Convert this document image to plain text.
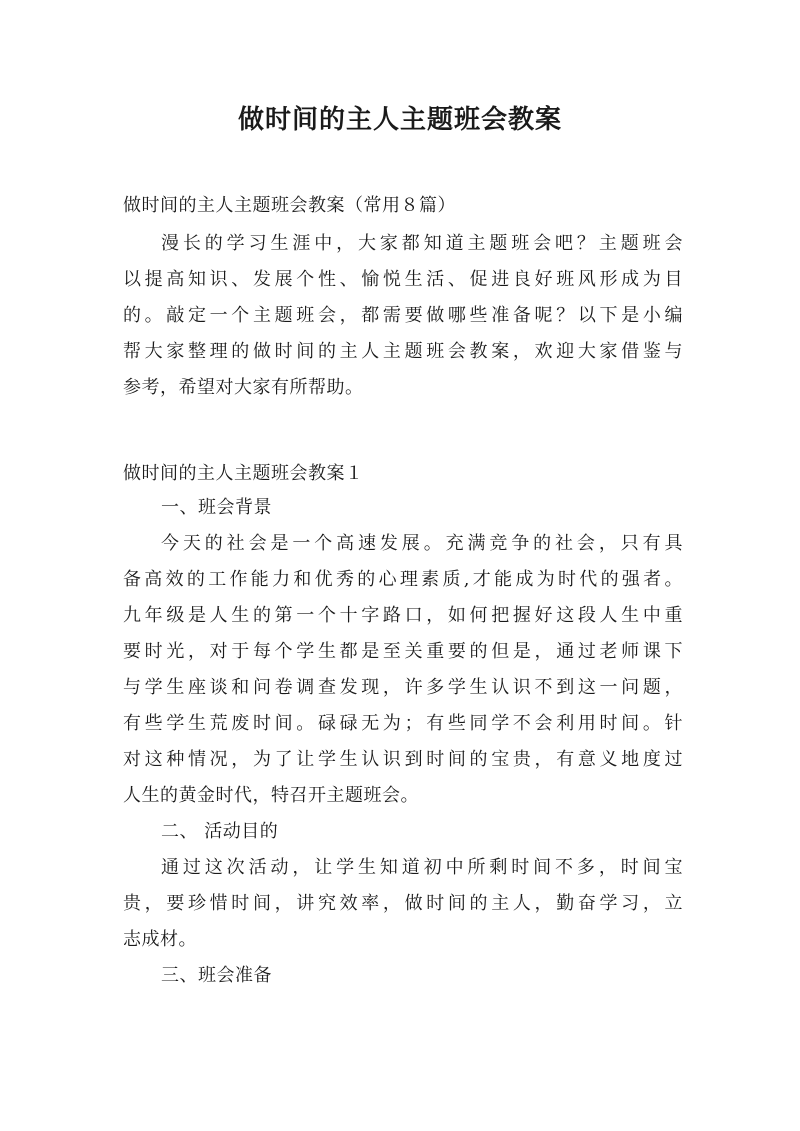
做时间的主人主题班会教案
做时间的主人主题班会教案（常用８篇）
漫长的学习生涯中，大家都知道主题班会吧？主题班会
以提高知识、发展个性、愉悦生活、促进良好班风形成为目
的。敲定一个主题班会，都需要做哪些准备呢？以下是小编
帮大家整理的做时间的主人主题班会教案，欢迎大家借鉴与
参考，希望对大家有所帮助。
做时间的主人主题班会教案１
一、班会背景
今天的社会是一个高速发展。充满竞争的社会，只有具
备高效的工作能力和优秀的心理素质,才能成为时代的强者。
九年级是人生的第一个十字路口，如何把握好这段人生中重
要时光，对于每个学生都是至关重要的但是，通过老师课下
与学生座谈和问卷调查发现，许多学生认识不到这一问题，
有些学生荒废时间。碌碌无为；有些同学不会利用时间。针
对这种情况，为了让学生认识到时间的宝贵，有意义地度过
人生的黄金时代，特召开主题班会。
二、 活动目的
通过这次活动，让学生知道初中所剩时间不多，时间宝
贵，要珍惜时间，讲究效率，做时间的主人，勤奋学习，立
志成材。
三、班会准备
